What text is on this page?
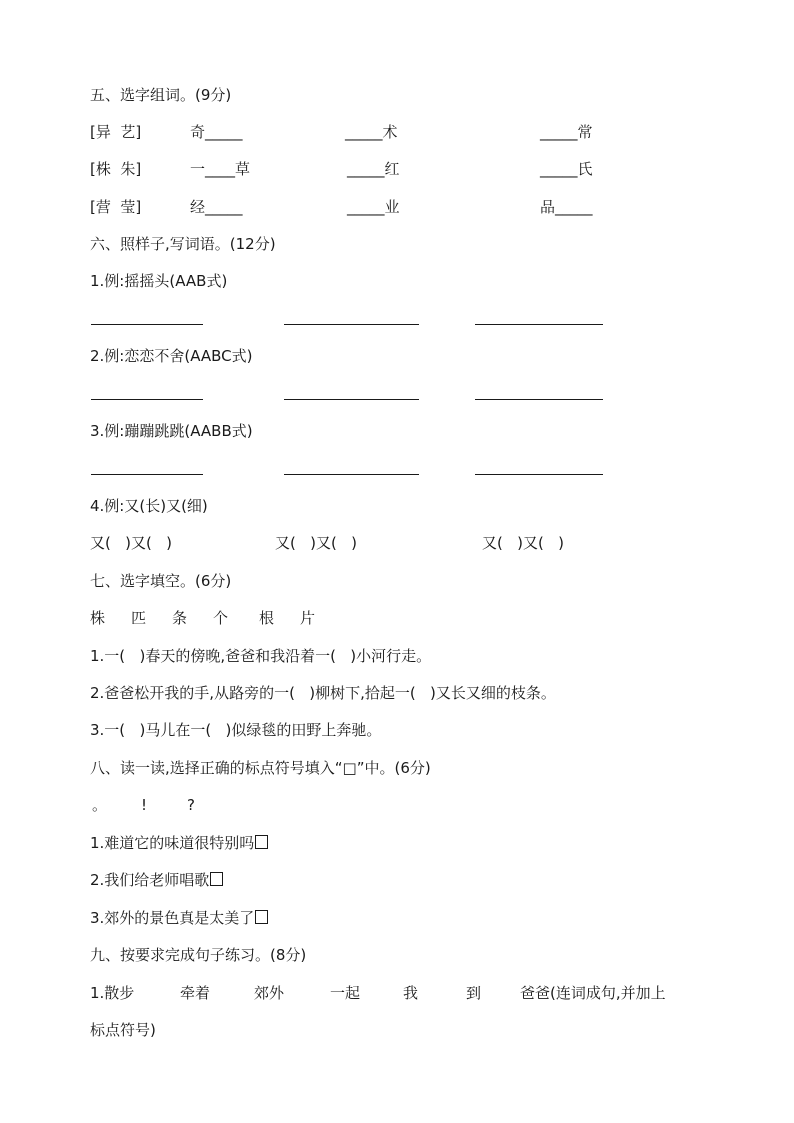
五、选字组词。(9分)
[异  艺]	奇_____	_____术	_____常
[株  朱]	一____草	_____红	_____氏
[营  莹]	经_____	_____业	品_____
六、照样子,写词语。(12分)
1.例:摇摇头(AAB式)
2.例:恋恋不舍(AABC式)
3.例:蹦蹦跳跳(AABB式)
4.例:又(长)又(细)
又(   )又(   )	又(   )又(   )	又(   )又(   )
七、选字填空。(6分)
株 匹 条 个 根 片
1.一(   )春天的傍晚,爸爸和我沿着一(   )小河行走。
2.爸爸松开我的手,从路旁的一(   )柳树下,拾起一(   )又长又细的枝条。
3.一(   )马儿在一(   )似绿毯的田野上奔驰。
八、读一读,选择正确的标点符号填入“□”中。(6分)
。 !	?
1.难道它的味道很特别吗
2.我们给老师唱歌
3.郊外的景色真是太美了
九、按要求完成句子练习。(8分)
1.散步	牵着	郊外	一起	我	到	爸爸(连词成句,并加上
标点符号)
